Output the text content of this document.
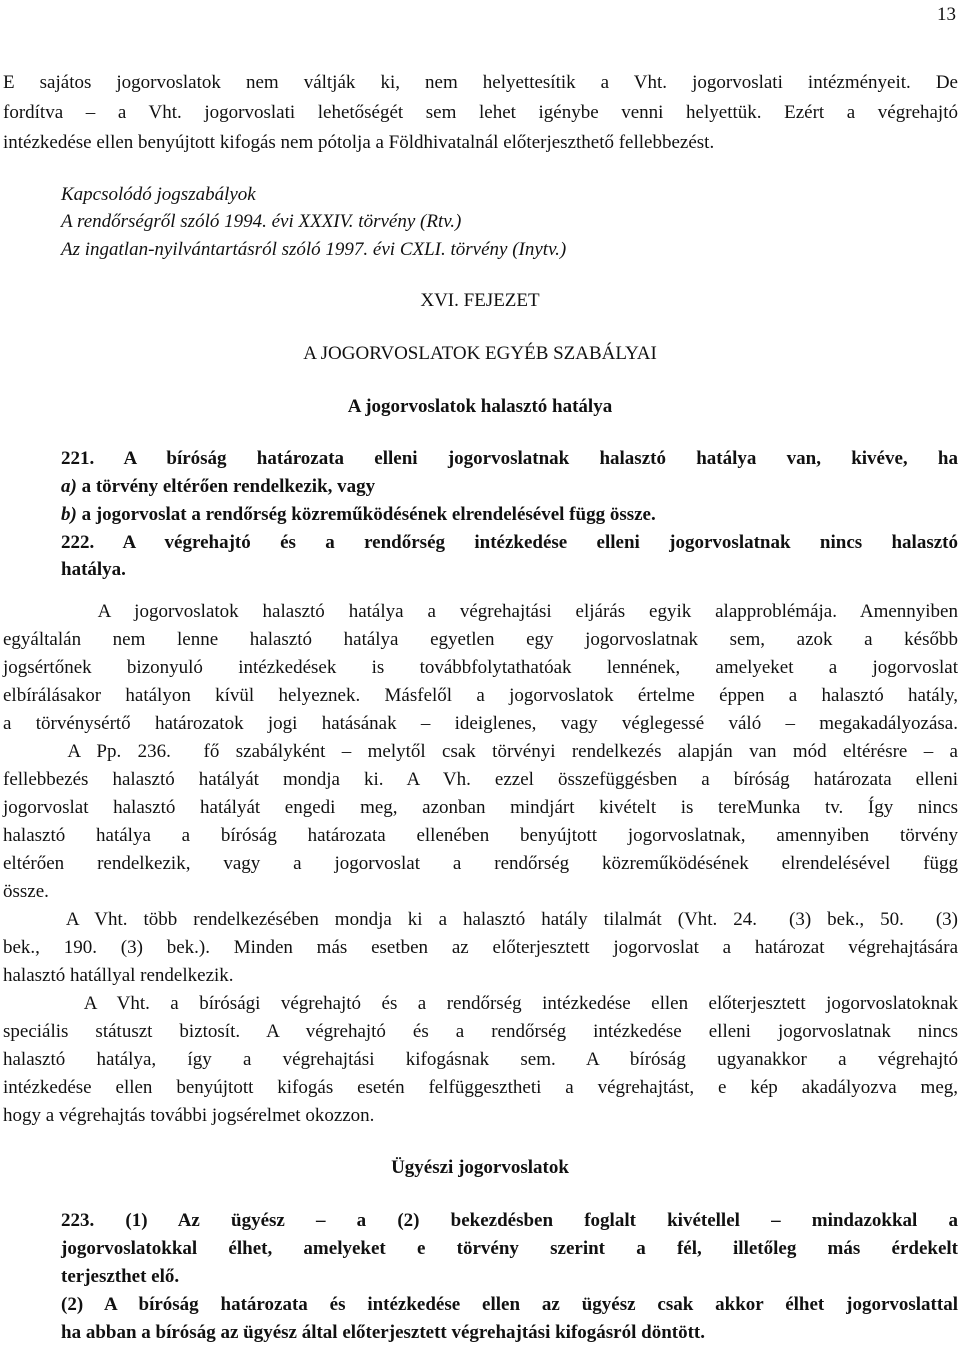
13
E sajátos jogorvoslatok nem váltják ki, nem helyettesítik a Vht. jogorvoslati intézményeit. De
fordítva – a Vht. jogorvoslati lehetőségét sem lehet igénybe venni helyettük. Ezért a végrehajtó
intézkedése ellen benyújtott kifogás nem pótolja a Földhivatalnál előterjeszthető fellebbezést.
Kapcsolódó jogszabályok
A rendőrségről szóló 1994. évi XXXIV. törvény (Rtv.)
Az ingatlan-nyilvántartásról szóló 1997. évi CXLI. törvény (Inytv.)
XVI. FEJEZET
A JOGORVOSLATOK EGYÉB SZABÁLYAI
A jogorvoslatok halasztó hatálya
221. A bíróság határozata elleni jogorvoslatnak halasztó hatálya van, kivéve, ha
a) a törvény eltérően rendelkezik, vagy
b) a jogorvoslat a rendőrség közreműködésének elrendelésével függ össze.
222. A végrehajtó és a rendőrség intézkedése elleni jogorvoslatnak nincs halasztó
hatálya.
A jogorvoslatok halasztó hatálya a végrehajtási eljárás egyik alapproblémája. Amennyiben
egyáltalán nem lenne halasztó hatálya egyetlen egy jogorvoslatnak sem, azok a később
jogsértőnek bizonyuló intézkedések is továbbfolytathatóak lennének, amelyeket a jogorvoslat
elbírálásakor hatályon kívül helyeznek. Másfelől a jogorvoslatok értelme éppen a halasztó hatály,
a törvénysértő határozatok jogi hatásának – ideiglenes, vagy véglegessé váló – megakadályozása.
A Pp. 236.  fő szabályként – melytől csak törvényi rendelkezés alapján van mód eltérésre – a
fellebbezés halasztó hatályát mondja ki. A Vh. ezzel összefüggésben a bíróság határozata elleni
jogorvoslat halasztó hatályát engedi meg, azonban mindjárt kivételt is tereMunka tv. Így nincs
halasztó hatálya a bíróság határozata ellenében benyújtott jogorvoslatnak, amennyiben törvény
eltérően rendelkezik, vagy a jogorvoslat a rendőrség közreműködésének elrendelésével függ
össze.
A Vht. több rendelkezésében mondja ki a halasztó hatály tilalmát (Vht. 24.  (3) bek., 50.  (3)
bek., 190. (3) bek.). Minden más esetben az előterjesztett jogorvoslat a határozat végrehajtására
halasztó hatállyal rendelkezik.
A Vht. a bírósági végrehajtó és a rendőrség intézkedése ellen előterjesztett jogorvoslatoknak
speciális státuszt biztosít. A végrehajtó és a rendőrség intézkedése elleni jogorvoslatnak nincs
halasztó hatálya, így a végrehajtási kifogásnak sem. A bíróság ugyanakkor a végrehajtó
intézkedése ellen benyújtott kifogás esetén felfüggesztheti a végrehajtást, e kép akadályozva meg,
hogy a végrehajtás további jogsérelmet okozzon.
Ügyészi jogorvoslatok
223. (1) Az ügyész – a (2) bekezdésben foglalt kivétellel – mindazokkal a
jogorvoslatokkal élhet, amelyeket e törvény szerint a fél, illetőleg más érdekelt
terjeszthet elő.
(2) A bíróság határozata és intézkedése ellen az ügyész csak akkor élhet jogorvoslattal
ha abban a bíróság az ügyész által előterjesztett végrehajtási kifogásról döntött.
